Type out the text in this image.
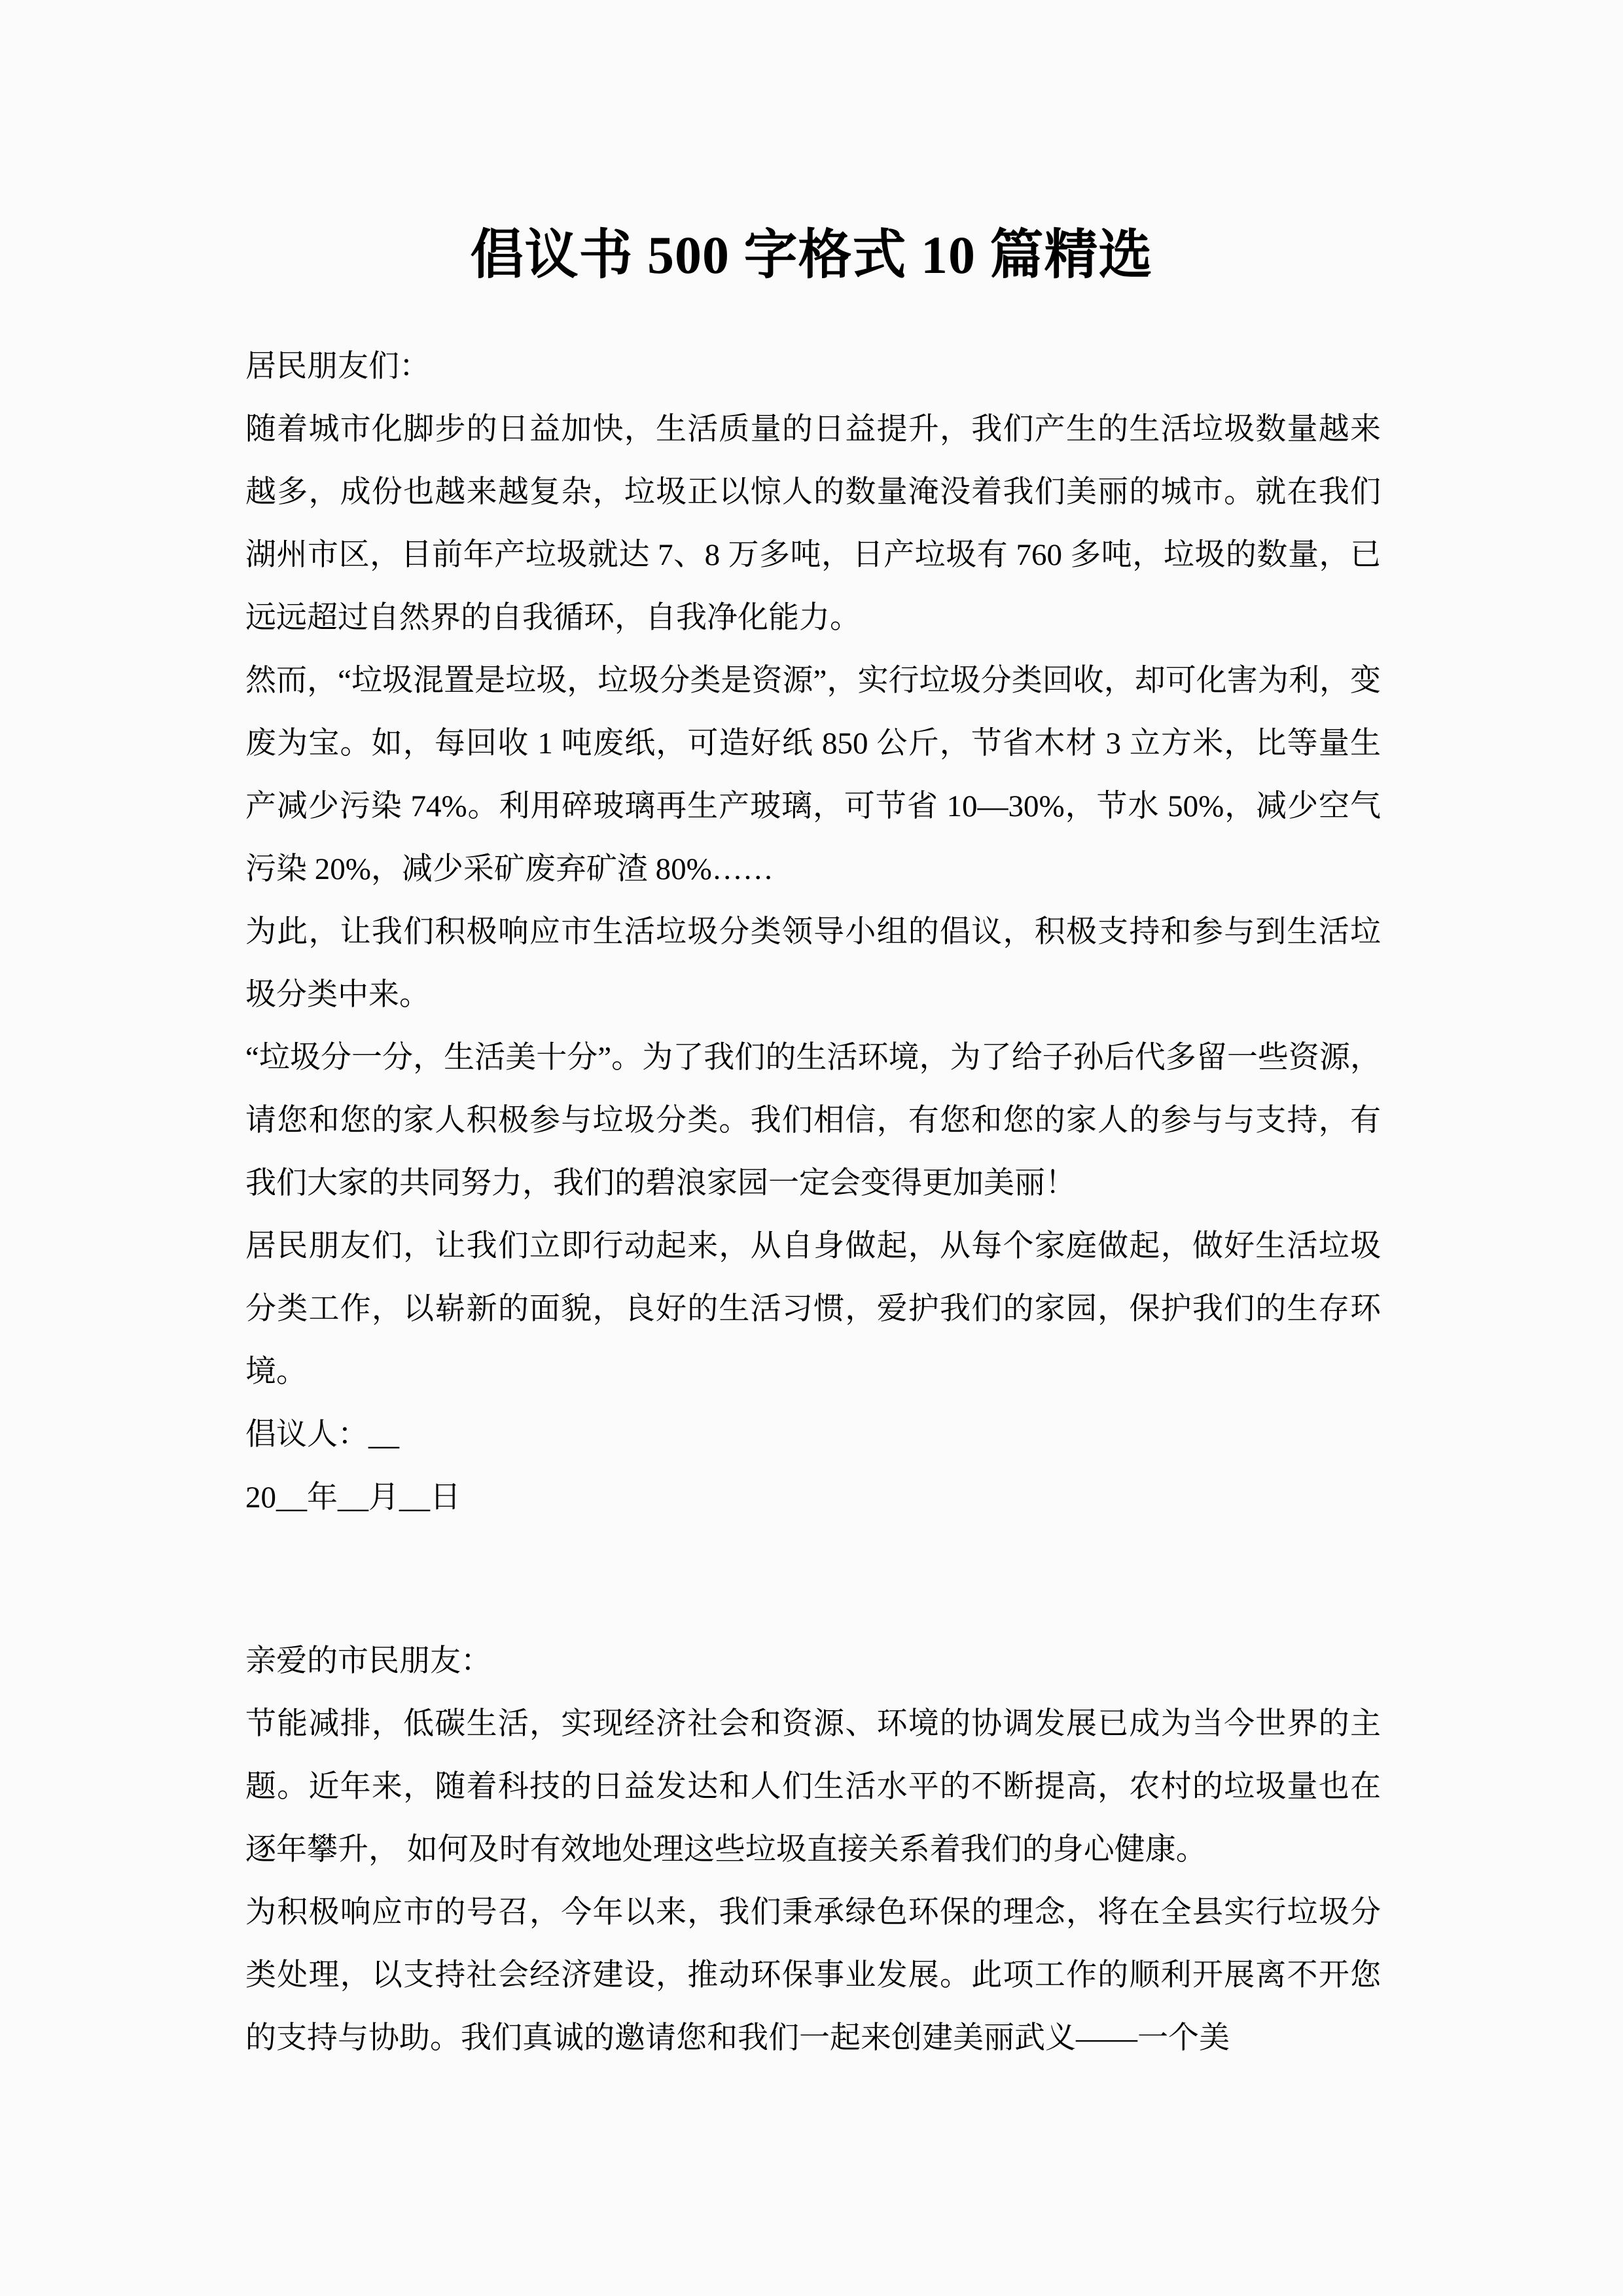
倡议书 500 字格式 10 篇精选

居民朋友们：

随着城市化脚步的日益加快，生活质量的日益提升，我们产生的生活垃圾数量越来越多，成份也越来越复杂，垃圾正以惊人的数量淹没着我们美丽的城市。就在我们湖州市区，目前年产垃圾就达 7、8 万多吨，日产垃圾有 760 多吨，垃圾的数量，已远远超过自然界的自我循环，自我净化能力。

然而，“垃圾混置是垃圾，垃圾分类是资源”，实行垃圾分类回收，却可化害为利，变废为宝。如，每回收 1 吨废纸，可造好纸 850 公斤，节省木材 3 立方米，比等量生产减少污染 74%。利用碎玻璃再生产玻璃，可节省 10—30%，节水 50%，减少空气污染 20%，减少采矿废弃矿渣 80%……

为此，让我们积极响应市生活垃圾分类领导小组的倡议，积极支持和参与到生活垃圾分类中来。

“垃圾分一分，生活美十分”。为了我们的生活环境，为了给子孙后代多留一些资源，请您和您的家人积极参与垃圾分类。我们相信，有您和您的家人的参与与支持，有我们大家的共同努力，我们的碧浪家园一定会变得更加美丽！

居民朋友们，让我们立即行动起来，从自身做起，从每个家庭做起，做好生活垃圾分类工作，以崭新的面貌，良好的生活习惯，爱护我们的家园，保护我们的生存环境。

倡议人：__

20__年__月__日

亲爱的市民朋友：

节能减排，低碳生活，实现经济社会和资源、环境的协调发展已成为当今世界的主题。近年来，随着科技的日益发达和人们生活水平的不断提高，农村的垃圾量也在逐年攀升， 如何及时有效地处理这些垃圾直接关系着我们的身心健康。

为积极响应市的号召，今年以来，我们秉承绿色环保的理念，将在全县实行垃圾分类处理，以支持社会经济建设，推动环保事业发展。此项工作的顺利开展离不开您的支持与协助。我们真诚的邀请您和我们一起来创建美丽武义——一个美
